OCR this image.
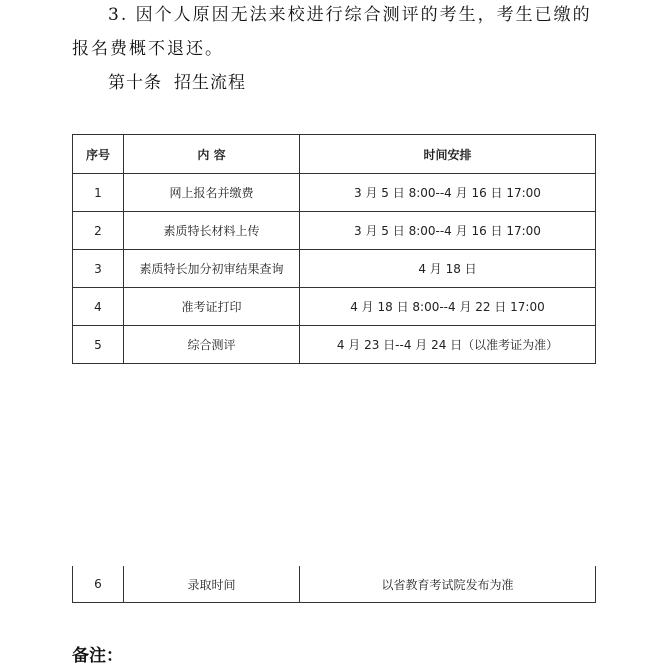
3. 因个人原因无法来校进行综合测评的考生，考生已缴的报名费概不退还。

第十条 招生流程

序号	内 容	时间安排
1	网上报名并缴费	3 月 5 日 8:00--4 月 16 日 17:00
2	素质特长材料上传	3 月 5 日 8:00--4 月 16 日 17:00
3	素质特长加分初审结果查询	4 月 18 日
4	准考证打印	4 月 18 日 8:00--4 月 22 日 17:00
5	综合测评	4 月 23 日--4 月 24 日（以准考证为准）
6	录取时间	以省教育考试院发布为准

备注：
